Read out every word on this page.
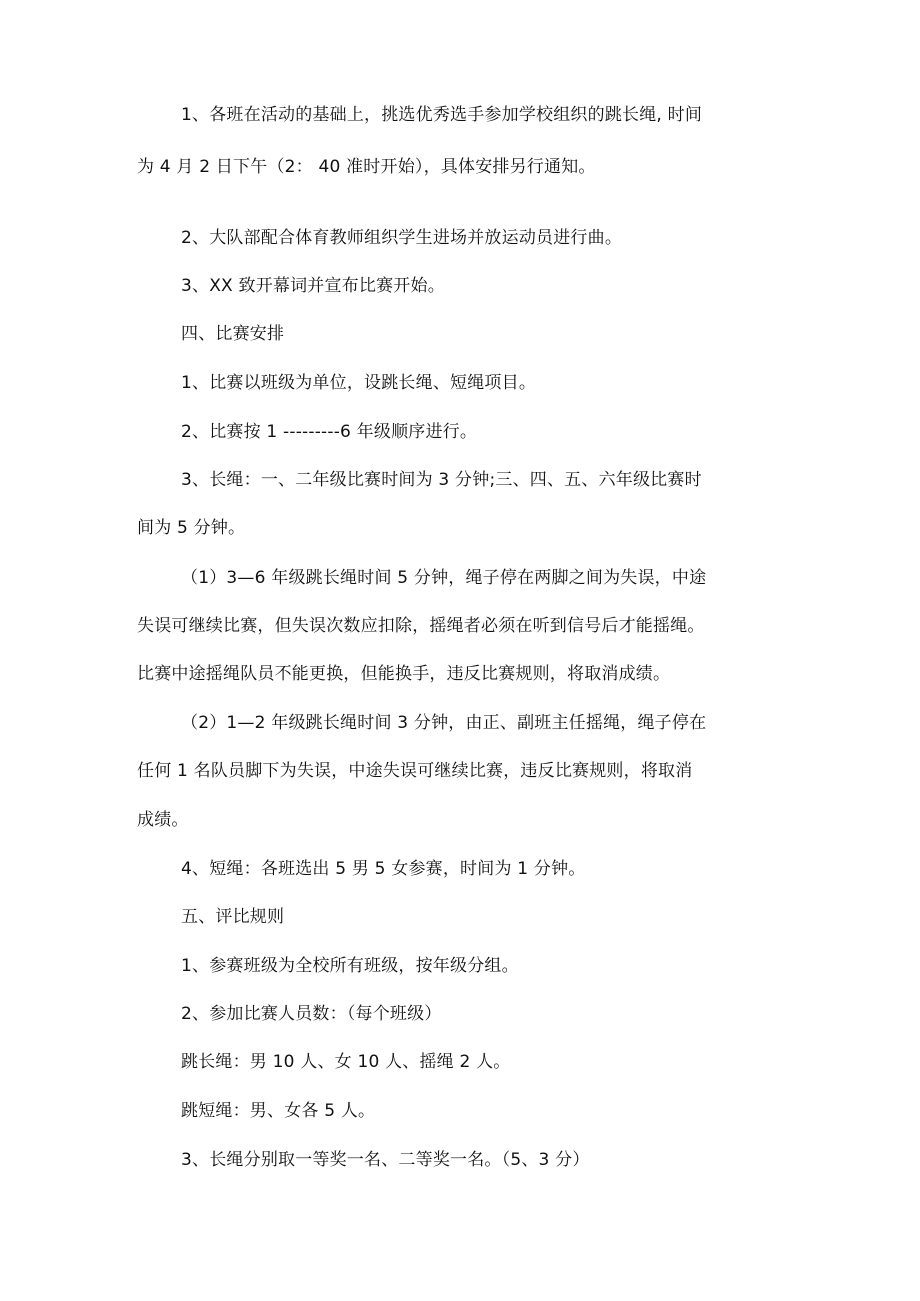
1、各班在活动的基础上，挑选优秀选手参加学校组织的跳长绳, 时间
为 4 月 2 日下午（2： 40 准时开始），具体安排另行通知。
2、大队部配合体育教师组织学生进场并放运动员进行曲。
3、XX 致开幕词并宣布比赛开始。
四、比赛安排
1、比赛以班级为单位，设跳长绳、短绳项目。
2、比赛按 1 ---------6 年级顺序进行。
3、长绳：一、二年级比赛时间为 3 分钟;三、四、五、六年级比赛时
间为 5 分钟。
（1）3—6 年级跳长绳时间 5 分钟，绳子停在两脚之间为失误，中途
失误可继续比赛，但失误次数应扣除，摇绳者必须在听到信号后才能摇绳。
比赛中途摇绳队员不能更换，但能换手，违反比赛规则，将取消成绩。
（2）1—2 年级跳长绳时间 3 分钟，由正、副班主任摇绳，绳子停在
任何 1 名队员脚下为失误，中途失误可继续比赛，违反比赛规则，将取消
成绩。
4、短绳：各班选出 5 男 5 女参赛，时间为 1 分钟。
五、评比规则
1、参赛班级为全校所有班级，按年级分组。
2、参加比赛人员数：（每个班级）
跳长绳：男 10 人、女 10 人、摇绳 2 人。
跳短绳：男、女各 5 人。
3、长绳分别取一等奖一名、二等奖一名。（5、3 分）
